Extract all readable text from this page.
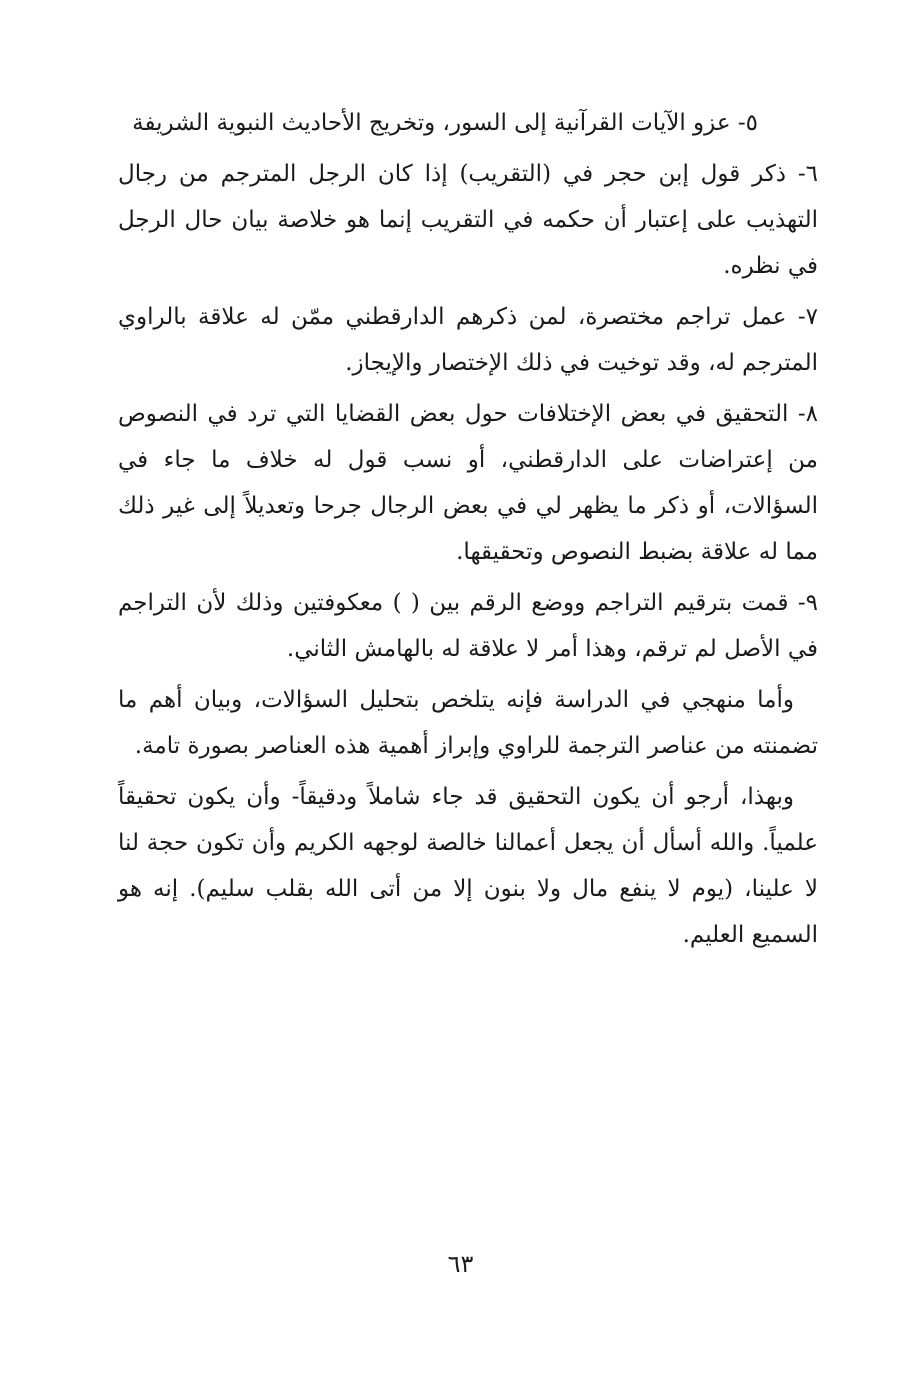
٥- عزو الآيات القرآنية إلى السور، وتخريج الأحاديث النبوية الشريفة

٦- ذكر قول إبن حجر في (التقريب) إذا كان الرجل المترجم من رجال التهذيب على إعتبار أن حكمه في التقريب إنما هو خلاصة بيان حال الرجل في نظره.

٧- عمل تراجم مختصرة، لمن ذكرهم الدارقطني ممّن له علاقة بالراوي المترجم له، وقد توخيت في ذلك الإختصار والإيجاز.

٨- التحقيق في بعض الإختلافات حول بعض القضايا التي ترد في النصوص من إعتراضات على الدارقطني، أو نسب قول له خلاف ما جاء في السؤالات، أو ذكر ما يظهر لي في بعض الرجال جرحا وتعديلاً إلى غير ذلك مما له علاقة بضبط النصوص وتحقيقها.

٩- قمت بترقيم التراجم ووضع الرقم بين ( ) معكوفتين وذلك لأن التراجم في الأصل لم ترقم، وهذا أمر لا علاقة له بالهامش الثاني.

وأما منهجي في الدراسة فإنه يتلخص بتحليل السؤالات، وبيان أهم ما تضمنته من عناصر الترجمة للراوي وإبراز أهمية هذه العناصر بصورة تامة.

وبهذا، أرجو أن يكون التحقيق قد جاء شاملاً ودقيقاً- وأن يكون تحقيقاً علمياً. والله أسأل أن يجعل أعمالنا خالصة لوجهه الكريم وأن تكون حجة لنا لا علينا، (يوم لا ينفع مال ولا بنون إلا من أتى الله بقلب سليم). إنه هو السميع العليم.

٦٣
